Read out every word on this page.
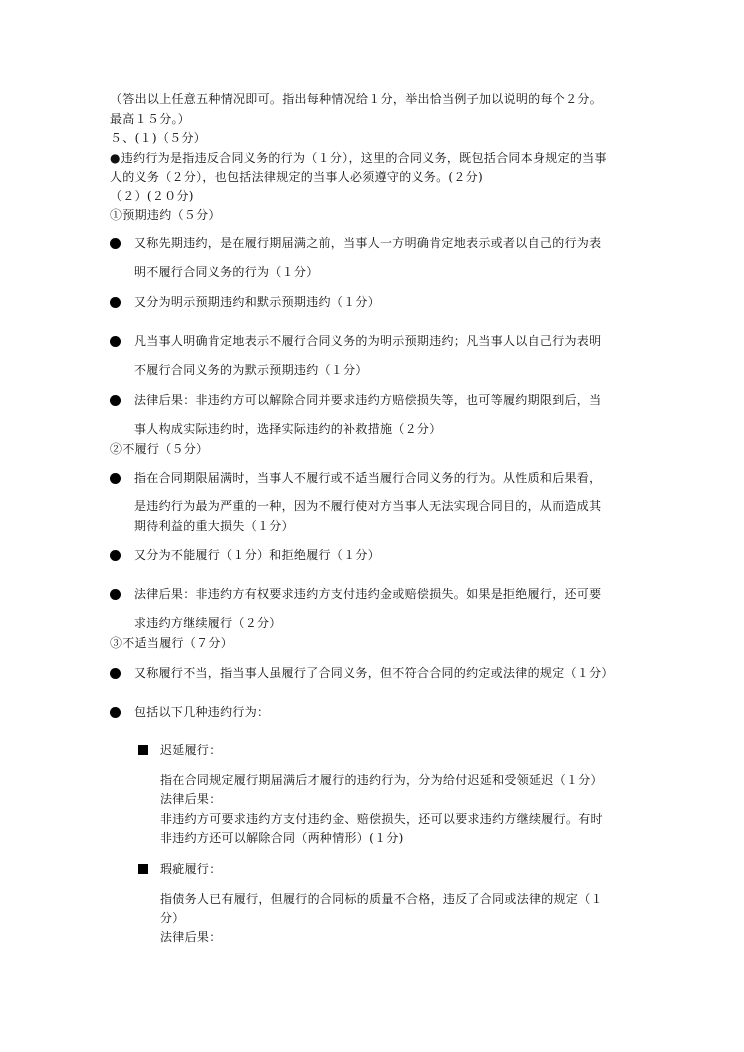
（答出以上任意五种情况即可。指出每种情况给１分，举出恰当例子加以说明的每个２分。
最高１５分。）
５、(１)（５分）
●违约行为是指违反合同义务的行为（１分），这里的合同义务，既包括合同本身规定的当事
人的义务（２分），也包括法律规定的当事人必须遵守的义务。(２分)
（２）(２０分)
①预期违约（５分）
又称先期违约，是在履行期届满之前，当事人一方明确肯定地表示或者以自己的行为表
明不履行合同义务的行为（１分）
又分为明示预期违约和默示预期违约（１分）
凡当事人明确肯定地表示不履行合同义务的为明示预期违约；凡当事人以自己行为表明
不履行合同义务的为默示预期违约（１分）
法律后果：非违约方可以解除合同并要求违约方赔偿损失等，也可等履约期限到后，当
事人构成实际违约时，选择实际违约的补救措施（２分）
②不履行（５分）
指在合同期限届满时，当事人不履行或不适当履行合同义务的行为。从性质和后果看，
是违约行为最为严重的一种，因为不履行使对方当事人无法实现合同目的，从而造成其
期待利益的重大损失（１分）
又分为不能履行（１分）和拒绝履行（１分）
法律后果：非违约方有权要求违约方支付违约金或赔偿损失。如果是拒绝履行，还可要
求违约方继续履行（２分）
③不适当履行（７分）
又称履行不当，指当事人虽履行了合同义务，但不符合合同的约定或法律的规定（１分）
包括以下几种违约行为：
迟延履行：
指在合同规定履行期届满后才履行的违约行为，分为给付迟延和受领延迟（１分）
法律后果：
非违约方可要求违约方支付违约金、赔偿损失，还可以要求违约方继续履行。有时
非违约方还可以解除合同（两种情形）(１分)
瑕疵履行：
指债务人已有履行，但履行的合同标的质量不合格，违反了合同或法律的规定（１
分）
法律后果：
